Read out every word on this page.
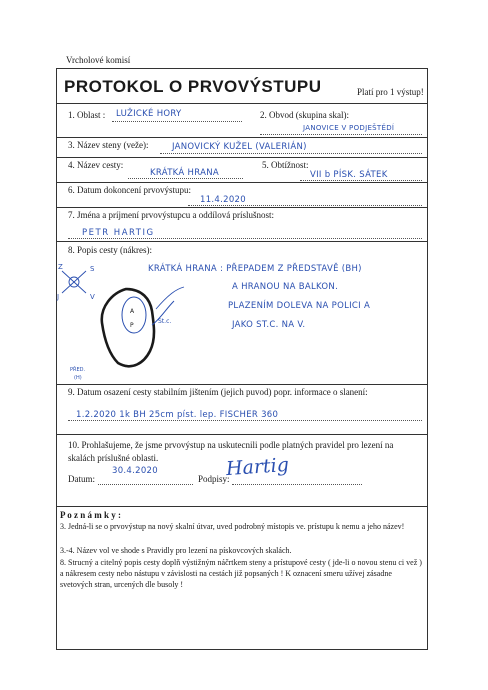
Vrcholové komisí
PROTOKOL O PRVOVÝSTUPU	Platí pro 1 výstup!
1. Oblast : LUŽICKÉ HORY	2. Obvod (skupina skal):
JANOVICE V PODJEŠTĚDÍ
3. Název steny (veže):	JANOVICKÝ KUŽEL (VALERIÁN)
4. Název cesty:
KRÁTKÁ HRANA
5. Obtížnost:
VII b PÍSK. SÁTEK
6. Datum dokoncení prvovýstupu:
11.4.2020
7. Jména a príjmení prvovýstupcu a oddílová príslušnost:
PETR HARTIG
8. Popis cesty (nákres):
Z	S
V
J
A
P
St.c.
PŘED.
(H)
KRÁTKÁ HRANA : PŘEPADEM Z PŘEDSTAVĚ (BH)
A HRANOU NA BALKON.
PLAZENÍM DOLEVA NA POLICI A
JAKO ST.C. NA V.
9. Datum osazení cesty stabilním jištením (jejich puvod) popr. informace o slanení:
1.2.2020 1k BH 25cm píst. lep. FISCHER 360
10. Prohlašujeme, že jsme prvovýstup na uskutecnili podle platných pravidel pro lezení na skalách príslušné oblasti.
Datum:
30.4.2020
Podpisy:
Hartig
P o z n á m k y :
3. Jedná-li se o prvovýstup na nový skalní útvar, uved podrobný místopis ve. prístupu k nemu a jeho název!
3.-4. Název vol ve shode s Pravidly pro lezení na pískovcových skalách.
8. Strucný a citelný popis cesty doplň výstižným náčrtkem steny a prístupové cesty ( jde-li o novou stenu ci vež ) a nákresem cesty nebo nástupu v závislosti na cestách již popsaných ! K oznacení smeru užívej zásadne svetových stran, urcených dle busoly !
